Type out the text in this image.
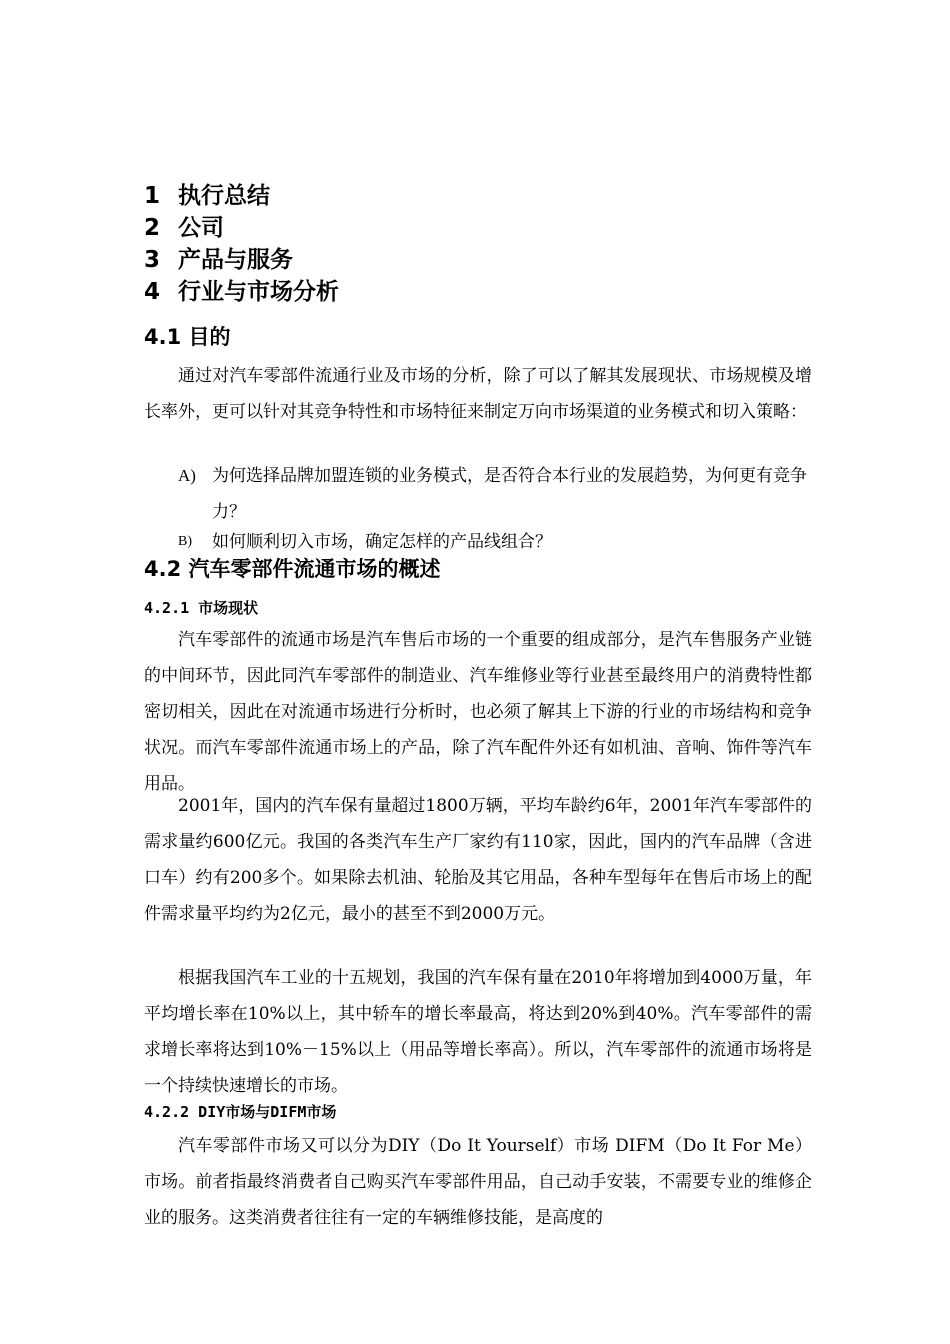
1 执行总结
2 公司
3 产品与服务
4 行业与市场分析
4.1 目的

通过对汽车零部件流通行业及市场的分析，除了可以了解其发展现状、市场规模及增长率外，更可以针对其竞争特性和市场特征来制定万向市场渠道的业务模式和切入策略：

A) 为何选择品牌加盟连锁的业务模式，是否符合本行业的发展趋势，为何更有竞争力？
B)	如何顺利切入市场，确定怎样的产品线组合？
4.2 汽车零部件流通市场的概述
4.2.1 市场现状

汽车零部件的流通市场是汽车售后市场的一个重要的组成部分，是汽车售服务产业链的中间环节，因此同汽车零部件的制造业、汽车维修业等行业甚至最终用户的消费特性都密切相关，因此在对流通市场进行分析时，也必须了解其上下游的行业的市场结构和竞争状况。而汽车零部件流通市场上的产品，除了汽车配件外还有如机油、音响、饰件等汽车用品。

2001年，国内的汽车保有量超过1800万辆，平均车龄约6年，2001年汽车零部件的需求量约600亿元。我国的各类汽车生产厂家约有110家，因此，国内的汽车品牌（含进口车）约有200多个。如果除去机油、轮胎及其它用品，各种车型每年在售后市场上的配件需求量平均约为2亿元，最小的甚至不到2000万元。

根据我国汽车工业的十五规划，我国的汽车保有量在2010年将增加到4000万量，年平均增长率在10%以上，其中轿车的增长率最高，将达到20%到40%。汽车零部件的需求增长率将达到10%－15%以上（用品等增长率高）。所以，汽车零部件的流通市场将是一个持续快速增长的市场。

4.2.2 DIY市场与DIFM市场

汽车零部件市场又可以分为DIY（Do It Yourself）市场 DIFM（Do It For Me）市场。前者指最终消费者自己购买汽车零部件用品，自己动手安装，不需要专业的维修企业的服务。这类消费者往往有一定的车辆维修技能，是高度的
